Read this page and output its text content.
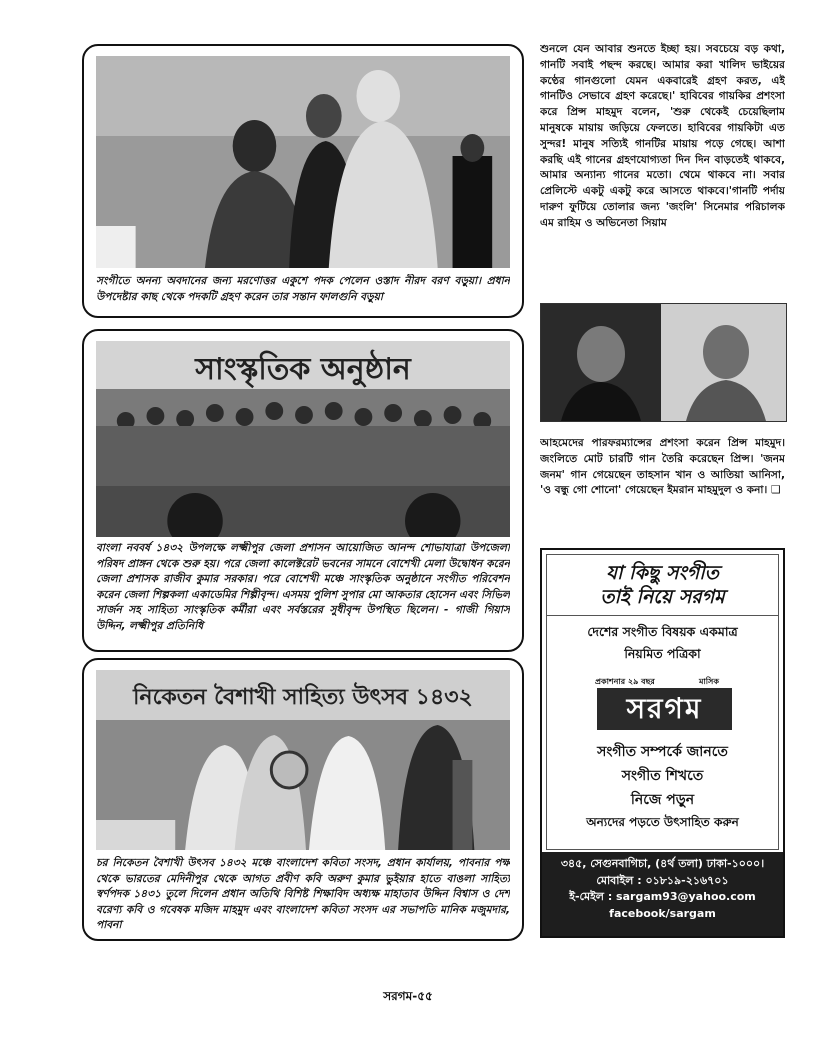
সংগীতে অনন্য অবদানের জন্য মরণোত্তর একুশে পদক পেলেন ওস্তাদ নীরদ বরণ বড়ুয়া। প্রধান উপদেষ্টার কাছ থেকে পদকটি গ্রহণ করেন তার সন্তান ফালগুনি বড়ুয়া
সাংস্কৃতিক অনুষ্ঠান
বাংলা নববর্ষ ১৪৩২ উপলক্ষে লক্ষ্মীপুর জেলা প্রশাসন আয়োজিত আনন্দ শোভাযাত্রা উপজেলা পরিষদ প্রাঙ্গন থেকে শুরু হয়। পরে জেলা কালেক্টরেট ভবনের সামনে বোশেখী মেলা উদ্বোধন করেন জেলা প্রশাসক রাজীব কুমার সরকার। পরে বোশেখী মঞ্চে সাংস্কৃতিক অনুষ্ঠানে সংগীত পরিবেশন করেন জেলা শিল্পকলা একাডেমির শিল্পীবৃন্দ। এসময় পুলিশ সুপার মো আকতার হোসেন এবং সিভিল সার্জন সহ সাহিত্য সাংস্কৃতিক কর্মীরা এবং সর্বস্তরের সুধীবৃন্দ উপস্থিত ছিলেন। - গাজী গিয়াস উদ্দিন, লক্ষ্মীপুর প্রতিনিধি
নিকেতন বৈশাখী সাহিত্য উৎসব ১৪৩২
চর নিকেতন বৈশাখী উৎসব ১৪৩২ মঞ্চে বাংলাদেশ কবিতা সংসদ, প্রধান কার্যালয়, পাবনার পক্ষ থেকে ভারতের মেদিনীপুর থেকে আগত প্রবীণ কবি অরুণ কুমার ভুইয়ার হাতে বাঙলা সাহিত্য স্বর্ণপদক ১৪৩১ তুলে দিলেন প্রধান অতিথি বিশিষ্ট শিক্ষাবিদ অধ্যক্ষ মাহাতাব উদ্দিন বিশ্বাস ও দেশ বরেণ্য কবি ও গবেষক মজিদ মাহমুদ এবং বাংলাদেশ কবিতা সংসদ এর সভাপতি মানিক মজুমদার, পাবনা
শুনলে যেন আবার শুনতে ইচ্ছা হয়। সবচেয়ে বড় কথা, গানটি সবাই পছন্দ করছে। আমার করা খালিদ ভাইয়ের কণ্ঠের গানগুলো যেমন একবারেই গ্রহণ করত, এই গানটিও সেভাবে গ্রহণ করেছে।' হাবিবের গায়কির প্রশংসা করে প্রিন্স মাহমুদ বলেন, 'শুরু থেকেই চেয়েছিলাম মানুষকে মায়ায় জড়িয়ে ফেলতে। হাবিবের গায়কিটা এত সুন্দর! মানুষ সত্যিই গানটির মায়ায় পড়ে গেছে। আশা করছি এই গানের গ্রহণযোগ্যতা দিন দিন বাড়তেই থাকবে, আমার অন্যান্য গানের মতো। থেমে থাকবে না। সবার প্রেলিস্টে একটু একটু করে আসতে থাকবে।'গানটি পর্দায় দারুণ ফুটিয়ে তোলার জন্য 'জংলি' সিনেমার পরিচালক এম রাহিম ও অভিনেতা সিয়াম
আহমেদের পারফরম্যান্সের প্রশংসা করেন প্রিন্স মাহমুদ। জংলিতে মোট চারটি গান তৈরি করেছেন প্রিন্স। 'জনম জনম' গান গেয়েছেন তাহসান খান ও আতিয়া আনিসা, 'ও বন্ধু গো শোনো' গেয়েছেন ইমরান মাহমুদুল ও কনা। ❑
যা কিছু সংগীত
তাই নিয়ে সরগম
দেশের সংগীত বিষয়ক একমাত্র
নিয়মিত পত্রিকা
প্রকাশনার ২৯ বছর	মাসিক
সরগম
সংগীত সম্পর্কে জানতে
সংগীত শিখতে
নিজে পড়ুন
অন্যদের পড়তে উৎসাহিত করুন
৩৪৫, সেগুনবাগিচা, (৪র্থ তলা) ঢাকা-১০০০।
মোবাইল : ০১৮১৯-২১৬৭০১
ই-মেইল : sargam93@yahoo.com
facebook/sargam
সরগম-৫৫
